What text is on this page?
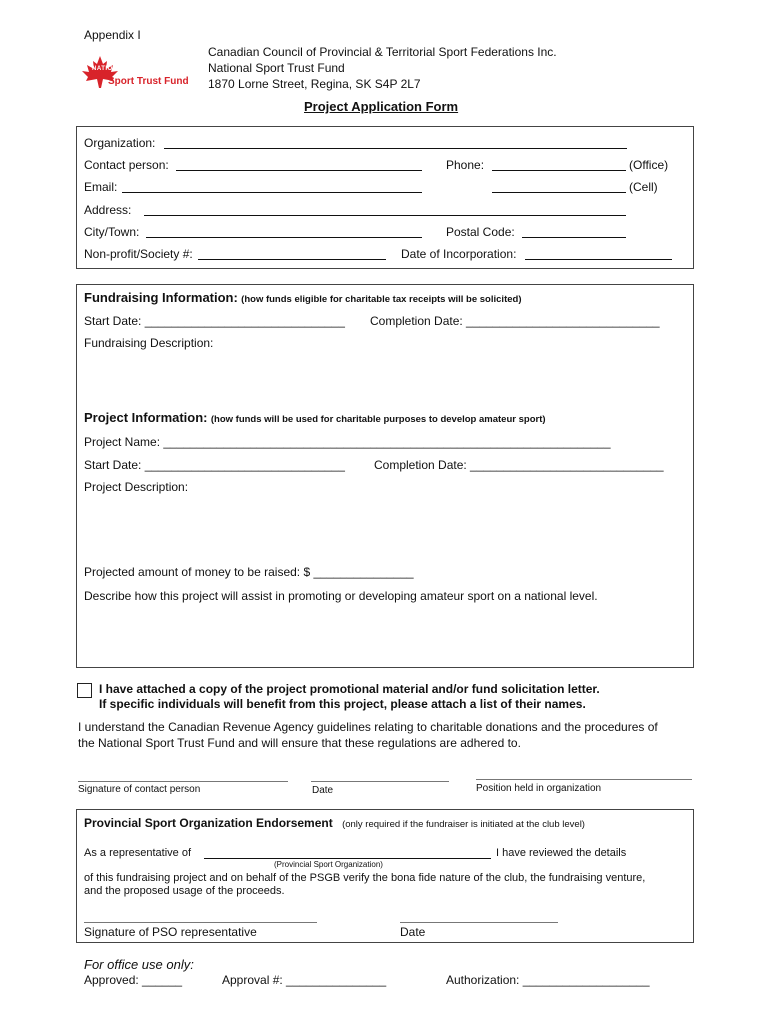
Appendix I
NATIONAL
Sport Trust Fund
Canadian Council of Provincial & Territorial Sport Federations Inc.
National Sport Trust Fund
1870 Lorne Street, Regina, SK S4P 2L7
Project Application Form
Organization:
Contact person:	Phone:	(Office)
Email:	(Cell)
Address:
City/Town:	Postal Code:
Non-profit/Society #:	Date of Incorporation:
Fundraising Information: (how funds eligible for charitable tax receipts will be solicited)
Start Date: ______________________________ Completion Date: _____________________________
Fundraising Description:
Project Information: (how funds will be used for charitable purposes to develop amateur sport)
Project Name: ___________________________________________________________________
Start Date: ______________________________ Completion Date: _____________________________
Project Description:
Projected amount of money to be raised: $ _______________
Describe how this project will assist in promoting or developing amateur sport on a national level.
I have attached a copy of the project promotional material and/or fund solicitation letter.
If specific individuals will benefit from this project, please attach a list of their names.
I understand the Canadian Revenue Agency guidelines relating to charitable donations and the procedures of
the National Sport Trust Fund and will ensure that these regulations are adhered to.
Signature of contact person	Date	Position held in organization
Provincial Sport Organization Endorsement (only required if the fundraiser is initiated at the club level)
As a representative of	I have reviewed the details
(Provincial Sport Organization)
of this fundraising project and on behalf of the PSGB verify the bona fide nature of the club, the fundraising venture,
and the proposed usage of the proceeds.
Signature of PSO representative	Date
For office use only:
Approved: ______	Approval #: _______________	Authorization: ___________________
